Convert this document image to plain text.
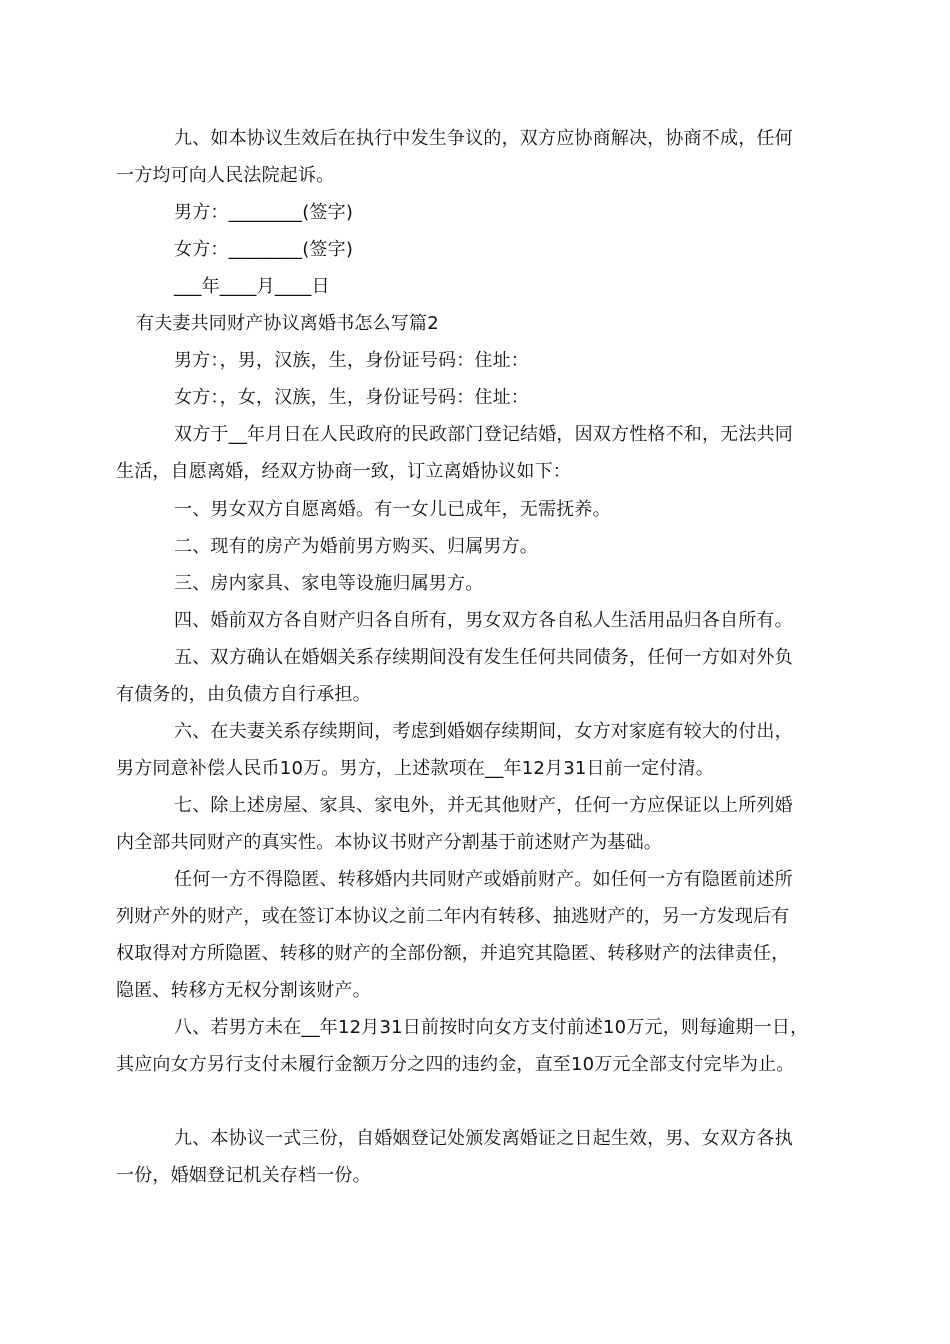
九、如本协议生效后在执行中发生争议的，双方应协商解决，协商不成，任何
一方均可向人民法院起诉。
男方：________(签字)
女方：________(签字)
___年____月____日
有夫妻共同财产协议离婚书怎么写篇2
男方：，男，汉族，生，身份证号码：住址：
女方：，女，汉族，生，身份证号码：住址：
双方于__年月日在人民政府的民政部门登记结婚，因双方性格不和，无法共同
生活，自愿离婚，经双方协商一致，订立离婚协议如下：
一、男女双方自愿离婚。有一女儿已成年，无需抚养。
二、现有的房产为婚前男方购买、归属男方。
三、房内家具、家电等设施归属男方。
四、婚前双方各自财产归各自所有，男女双方各自私人生活用品归各自所有。
五、双方确认在婚姻关系存续期间没有发生任何共同债务，任何一方如对外负
有债务的，由负债方自行承担。
六、在夫妻关系存续期间，考虑到婚姻存续期间，女方对家庭有较大的付出，
男方同意补偿人民币10万。男方，上述款项在__年12月31日前一定付清。
七、除上述房屋、家具、家电外，并无其他财产，任何一方应保证以上所列婚
内全部共同财产的真实性。本协议书财产分割基于前述财产为基础。
任何一方不得隐匿、转移婚内共同财产或婚前财产。如任何一方有隐匿前述所
列财产外的财产，或在签订本协议之前二年内有转移、抽逃财产的，另一方发现后有
权取得对方所隐匿、转移的财产的全部份额，并追究其隐匿、转移财产的法律责任，
隐匿、转移方无权分割该财产。
八、若男方未在__年12月31日前按时向女方支付前述10万元，则每逾期一日，
其应向女方另行支付未履行金额万分之四的违约金，直至10万元全部支付完毕为止。
九、本协议一式三份，自婚姻登记处颁发离婚证之日起生效，男、女双方各执
一份，婚姻登记机关存档一份。
